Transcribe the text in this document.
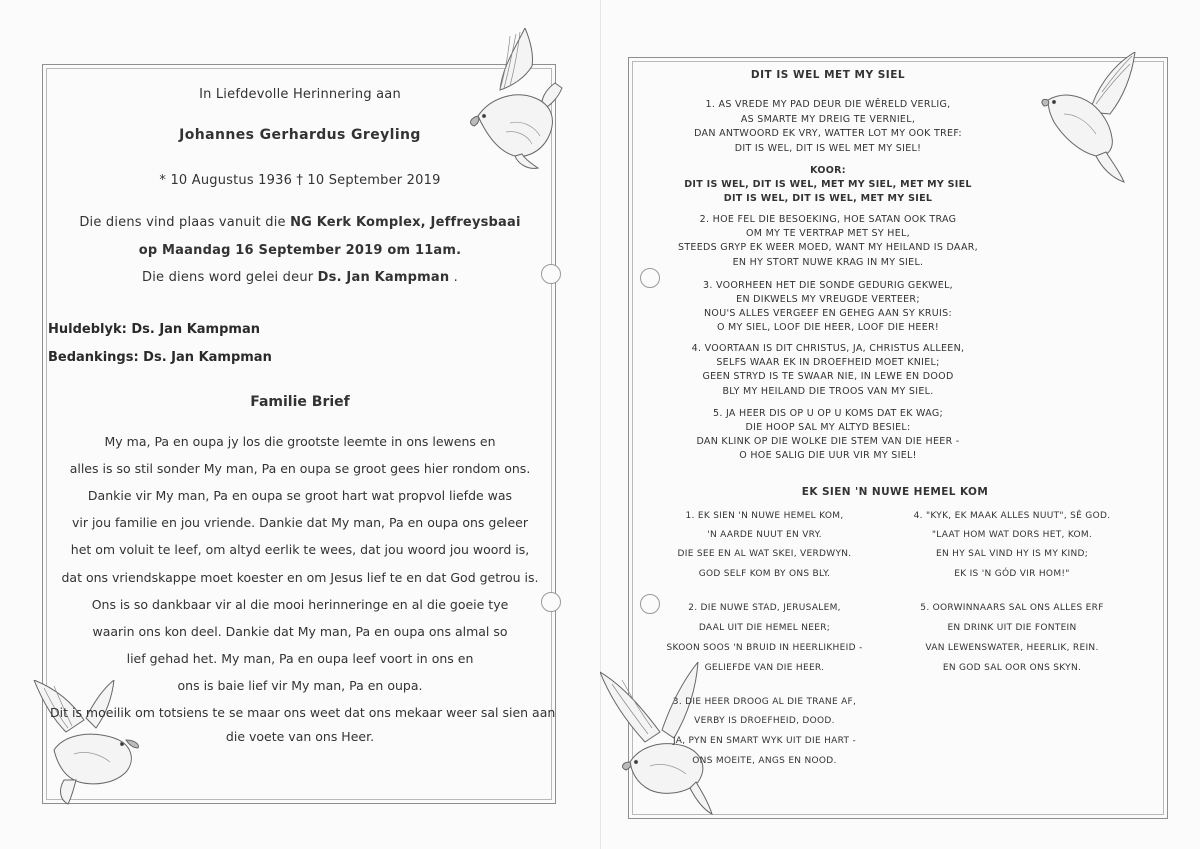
In Liefdevolle Herinnering aan
Johannes Gerhardus Greyling
* 10 Augustus 1936 † 10 September 2019
Die diens vind plaas vanuit die NG Kerk Komplex, Jeffreysbaai
op Maandag 16 September 2019 om 11am.
Die diens word gelei deur Ds. Jan Kampman .
Huldeblyk: Ds. Jan Kampman
Bedankings: Ds. Jan Kampman
Familie Brief
My ma, Pa en oupa jy los die grootste leemte in ons lewens en
alles is so stil sonder My man, Pa en oupa se groot gees hier rondom ons.
Dankie vir My man, Pa en oupa se groot hart wat propvol liefde was
vir jou familie en jou vriende. Dankie dat My man, Pa en oupa ons geleer
het om voluit te leef, om altyd eerlik te wees, dat jou woord jou woord is,
dat ons vriendskappe moet koester en om Jesus lief te en dat God getrou is.
Ons is so dankbaar vir al die mooi herinneringe en al die goeie tye
waarin ons kon deel. Dankie dat My man, Pa en oupa ons almal so
lief gehad het. My man, Pa en oupa leef voort in ons en
ons is baie lief vir My man, Pa en oupa.
Dit is moeilik om totsiens te se maar ons weet dat ons mekaar weer sal sien aan
die voete van ons Heer.
DIT IS WEL MET MY SIEL
1. AS VREDE MY PAD DEUR DIE WÊRELD VERLIG,
AS SMARTE MY DREIG TE VERNIEL,
DAN ANTWOORD EK VRY, WATTER LOT MY OOK TREF:
DIT IS WEL, DIT IS WEL MET MY SIEL!
KOOR:
DIT IS WEL, DIT IS WEL, MET MY SIEL, MET MY SIEL
DIT IS WEL, DIT IS WEL, MET MY SIEL
2. HOE FEL DIE BESOEKING, HOE SATAN OOK TRAG
OM MY TE VERTRAP MET SY HEL,
STEEDS GRYP EK WEER MOED, WANT MY HEILAND IS DAAR,
EN HY STORT NUWE KRAG IN MY SIEL.
3. VOORHEEN HET DIE SONDE GEDURIG GEKWEL,
EN DIKWELS MY VREUGDE VERTEER;
NOU'S ALLES VERGEEF EN GEHEG AAN SY KRUIS:
O MY SIEL, LOOF DIE HEER, LOOF DIE HEER!
4. VOORTAAN IS DIT CHRISTUS, JA, CHRISTUS ALLEEN,
SELFS WAAR EK IN DROEFHEID MOET KNIEL;
GEEN STRYD IS TE SWAAR NIE, IN LEWE EN DOOD
BLY MY HEILAND DIE TROOS VAN MY SIEL.
5. JA HEER DIS OP U OP U KOMS DAT EK WAG;
DIE HOOP SAL MY ALTYD BESIEL:
DAN KLINK OP DIE WOLKE DIE STEM VAN DIE HEER -
O HOE SALIG DIE UUR VIR MY SIEL!
EK SIEN 'N NUWE HEMEL KOM
1. EK SIEN 'N NUWE HEMEL KOM,
'N AARDE NUUT EN VRY.
DIE SEE EN AL WAT SKEI, VERDWYN.
GOD SELF KOM BY ONS BLY.
2. DIE NUWE STAD, JERUSALEM,
DAAL UIT DIE HEMEL NEER;
SKOON SOOS 'N BRUID IN HEERLIKHEID -
GELIEFDE VAN DIE HEER.
3. DIE HEER DROOG AL DIE TRANE AF,
VERBY IS DROEFHEID, DOOD.
JA, PYN EN SMART WYK UIT DIE HART -
ONS MOEITE, ANGS EN NOOD.
4. "KYK, EK MAAK ALLES NUUT", SÊ GOD.
"LAAT HOM WAT DORS HET, KOM.
EN HY SAL VIND HY IS MY KIND;
EK IS 'N GÓD VIR HOM!"
5. OORWINNAARS SAL ONS ALLES ERF
EN DRINK UIT DIE FONTEIN
VAN LEWENSWATER, HEERLIK, REIN.
EN GOD SAL OOR ONS SKYN.
